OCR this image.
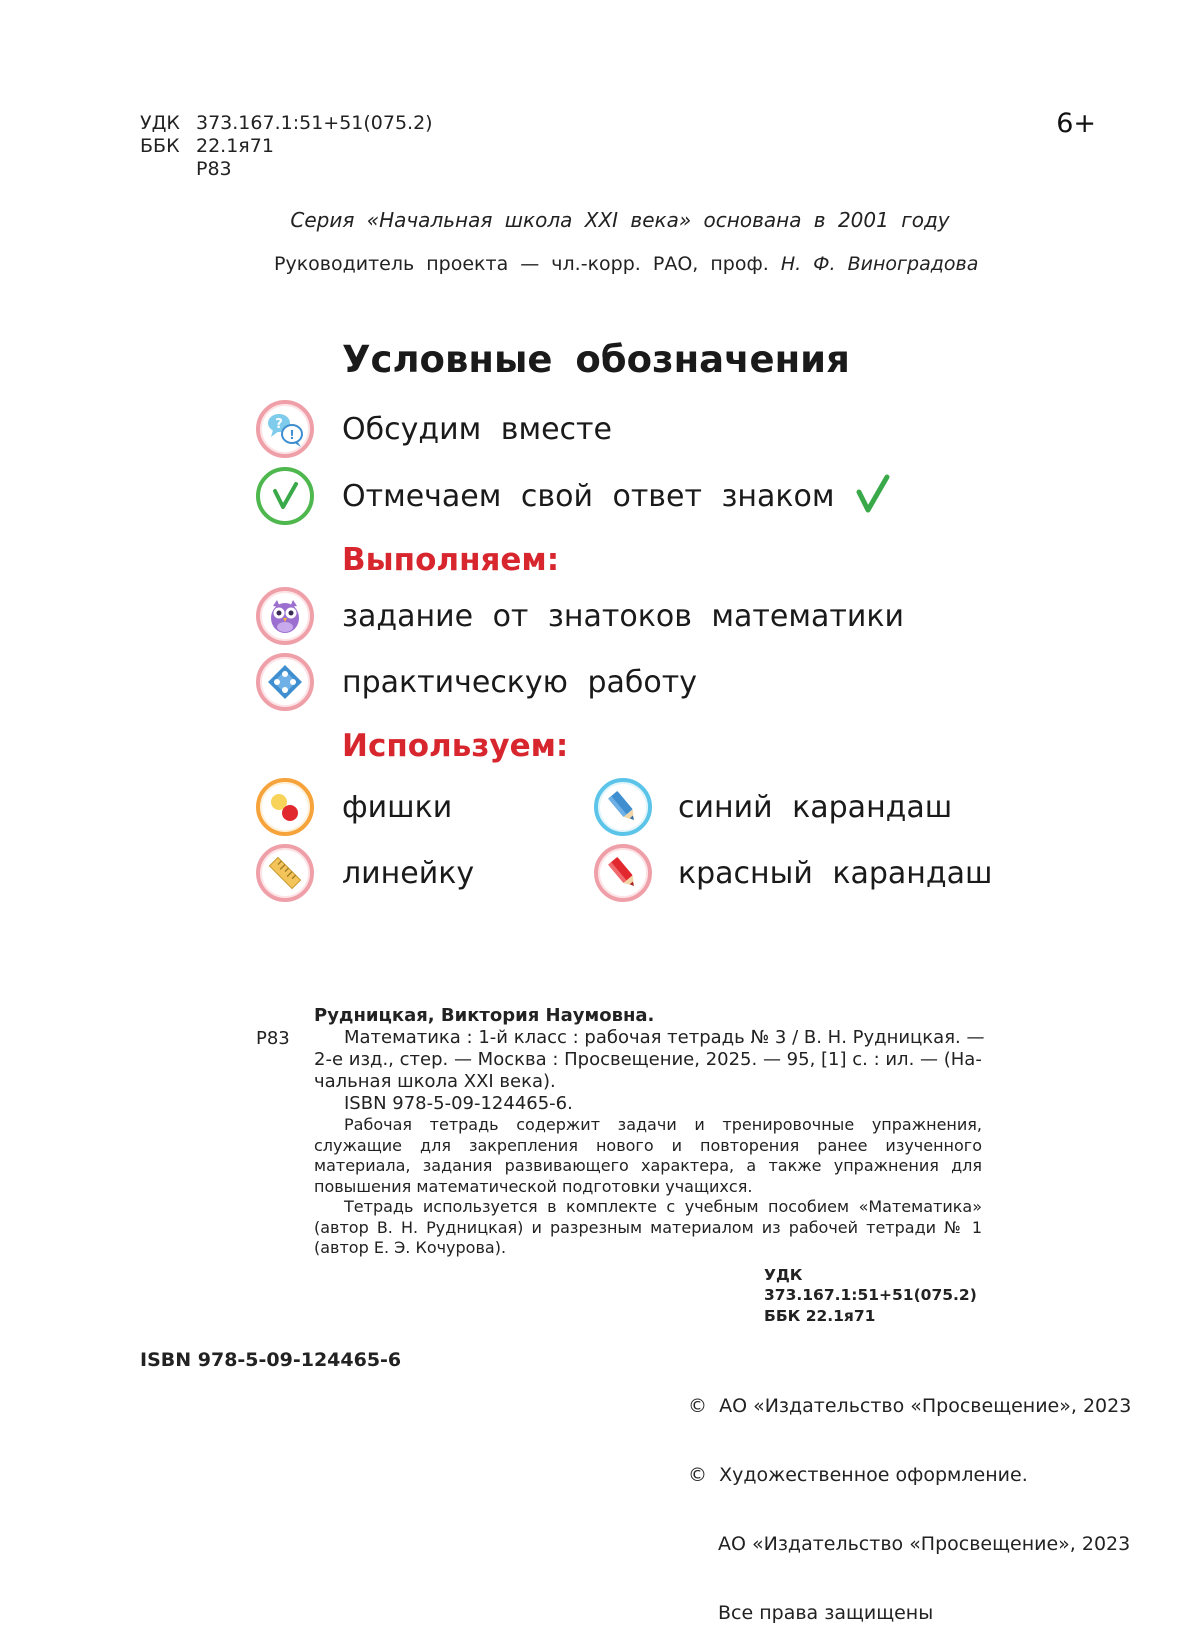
УДК 373.167.1:51+51(075.2)
ББК 22.1я71
Р83
6+
Серия «Начальная школа XXI века» основана в 2001 году
Руководитель проекта — чл.-корр. РАО, проф. Н. Ф. Виноградова
Условные обозначения
?
! Обсудим вместе
Отмечаем свой ответ знаком
Выполняем:
задание от знатоков математики
практическую работу
Используем:
фишки
линейку
синий карандаш
красный карандаш
Р83
Рудницкая, Виктория Наумовна.
Математика : 1-й класс : рабочая тетрадь № 3 / В. Н. Рудницкая. —
2-е изд., стер. — Москва : Просвещение, 2025. — 95, [1] с. : ил. — (На-
чальная школа XXI века).
ISBN 978-5-09-124465-6.
Рабочая тетрадь содержит задачи и тренировочные упражнения, служащие для закрепления нового и повторения ранее изученного материала, задания развивающего характера, а также упражнения для повышения математической подготовки учащихся.
Тетрадь используется в комплекте с учебным пособием «Математика» (автор В. Н. Рудницкая) и разрезным материалом из рабочей тетради № 1 (автор Е. Э. Кочурова).
УДК 373.167.1:51+51(075.2)
ББК 22.1я71
ISBN 978-5-09-124465-6

©  АО «Издательство «Просвещение», 2023

©  Художественное оформление.

АО «Издательство «Просвещение», 2023

Все права защищены
